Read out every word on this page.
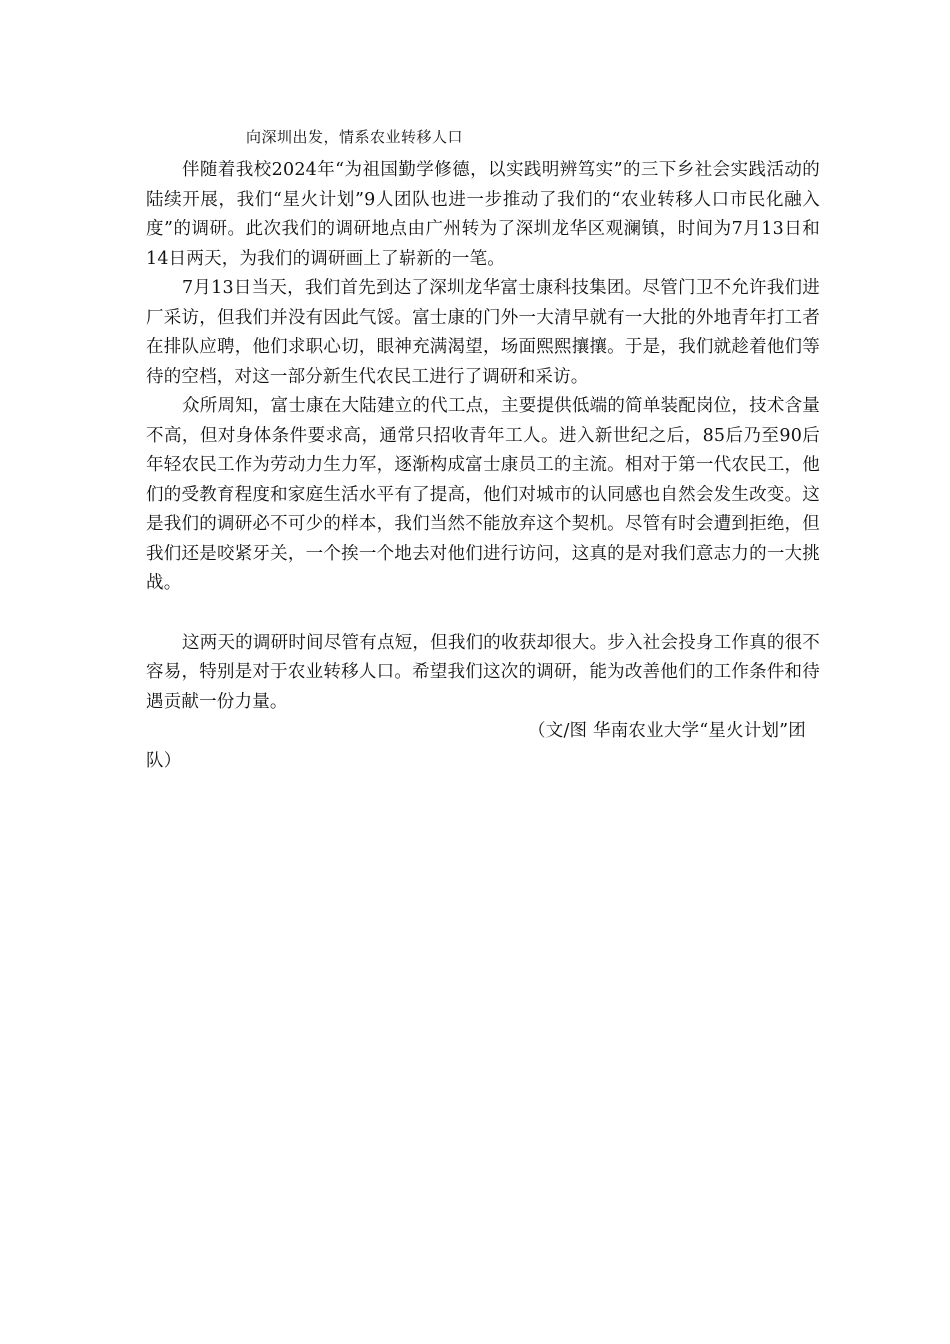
向深圳出发，情系农业转移人口

伴随着我校2024年“为祖国勤学修德，以实践明辨笃实”的三下乡社会实践活动的陆续开展，我们“星火计划”9人团队也进一步推动了我们的“农业转移人口市民化融入度”的调研。此次我们的调研地点由广州转为了深圳龙华区观澜镇，时间为7月13日和14日两天，为我们的调研画上了崭新的一笔。

7月13日当天，我们首先到达了深圳龙华富士康科技集团。尽管门卫不允许我们进厂采访，但我们并没有因此气馁。富士康的门外一大清早就有一大批的外地青年打工者在排队应聘，他们求职心切，眼神充满渴望，场面熙熙攘攘。于是，我们就趁着他们等待的空档，对这一部分新生代农民工进行了调研和采访。

众所周知，富士康在大陆建立的代工点，主要提供低端的简单装配岗位，技术含量不高，但对身体条件要求高，通常只招收青年工人。进入新世纪之后，85后乃至90后年轻农民工作为劳动力生力军，逐渐构成富士康员工的主流。相对于第一代农民工，他们的受教育程度和家庭生活水平有了提高，他们对城市的认同感也自然会发生改变。这是我们的调研必不可少的样本，我们当然不能放弃这个契机。尽管有时会遭到拒绝，但我们还是咬紧牙关，一个挨一个地去对他们进行访问，这真的是对我们意志力的一大挑战。

这两天的调研时间尽管有点短，但我们的收获却很大。步入社会投身工作真的很不容易，特别是对于农业转移人口。希望我们这次的调研，能为改善他们的工作条件和待遇贡献一份力量。

（文/图 华南农业大学“星火计划”团

队）
